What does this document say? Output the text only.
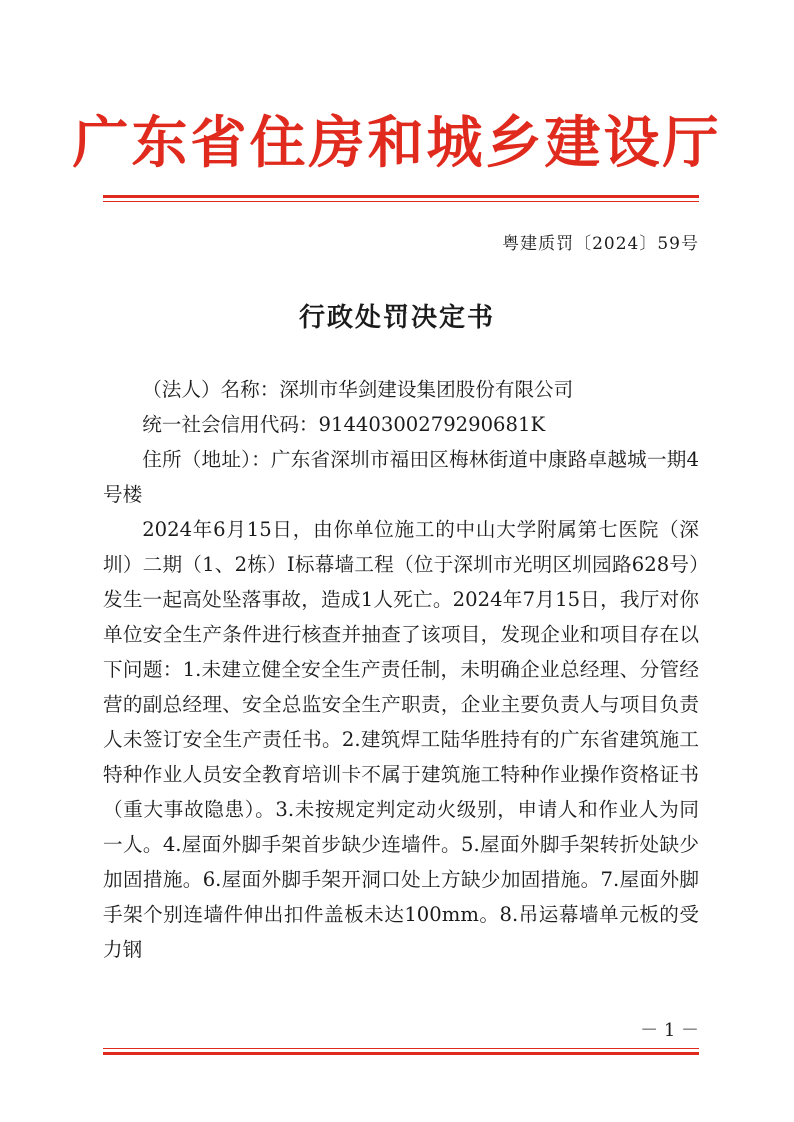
广东省住房和城乡建设厅
粤建质罚〔2024〕59号
行政处罚决定书

（法人）名称：深圳市华剑建设集团股份有限公司

统一社会信用代码：91440300279290681K

住所（地址）：广东省深圳市福田区梅林街道中康路卓越城一期4号楼

2024年6月15日，由你单位施工的中山大学附属第七医院（深圳）二期（1、2栋）I标幕墙工程（位于深圳市光明区圳园路628号）发生一起高处坠落事故，造成1人死亡。2024年7月15日，我厅对你单位安全生产条件进行核查并抽查了该项目，发现企业和项目存在以下问题：1.未建立健全安全生产责任制，未明确企业总经理、分管经营的副总经理、安全总监安全生产职责，企业主要负责人与项目负责人未签订安全生产责任书。2.建筑焊工陆华胜持有的广东省建筑施工特种作业人员安全教育培训卡不属于建筑施工特种作业操作资格证书（重大事故隐患）。3.未按规定判定动火级别，申请人和作业人为同一人。4.屋面外脚手架首步缺少连墙件。5.屋面外脚手架转折处缺少加固措施。6.屋面外脚手架开洞口处上方缺少加固措施。7.屋面外脚手架个别连墙件伸出扣件盖板未达100mm。8.吊运幕墙单元板的受力钢

－ 1 －
